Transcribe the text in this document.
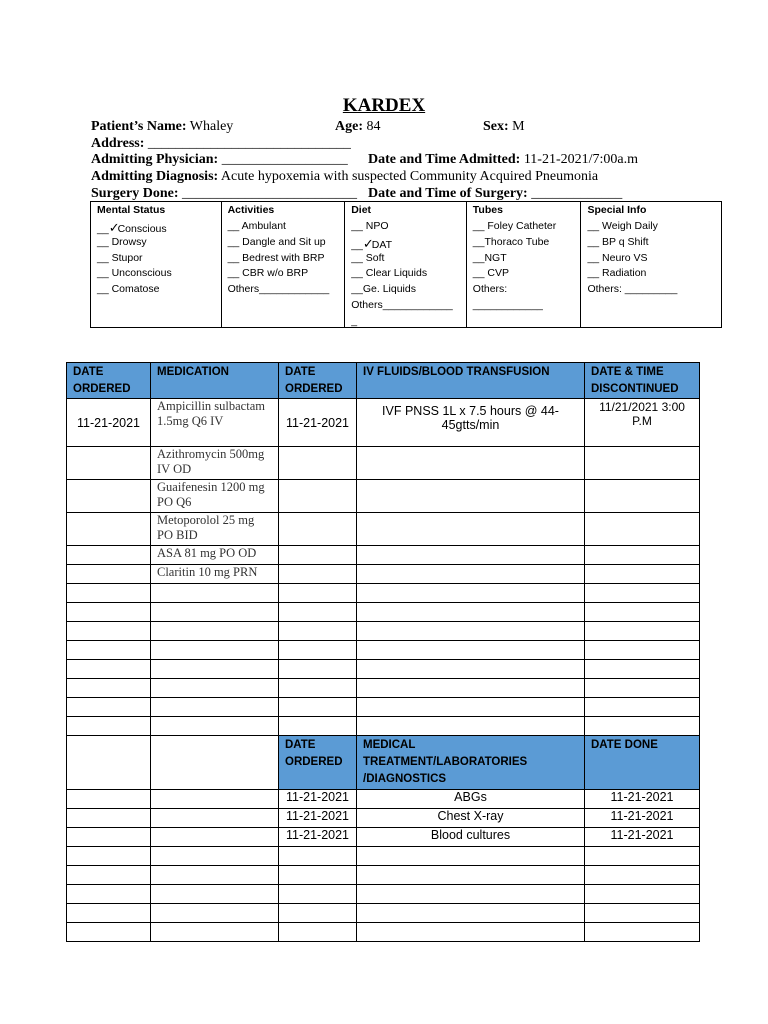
KARDEX
Patient’s Name: Whaley	Age: 84	Sex: M
Address: _____________________________
Admitting Physician: __________________ Date and Time Admitted: 11-21-2021/7:00a.m
Admitting Diagnosis: Acute hypoxemia with suspected Community Acquired Pneumonia
Surgery Done: _________________________ Date and Time of Surgery: _____________
Mental Status
__✓Conscious
__ Drowsy
__ Stupor
__ Unconscious
__ Comatose
Activities
__ Ambulant
__ Dangle and Sit up
__ Bedrest with BRP
__ CBR w/o BRP
Others____________
Diet
__ NPO
__✓DAT
__ Soft
__ Clear Liquids
__Ge. Liquids
Others____________
_
Tubes
__ Foley Catheter
__Thoraco Tube
__NGT
__ CVP
Others:
____________
Special Info
__ Weigh Daily
__ BP q Shift
__ Neuro VS
__ Radiation
Others: _________
DATE ORDERED	MEDICATION	DATE ORDERED	IV FLUIDS/BLOOD TRANSFUSION	DATE & TIME DISCONTINUED
11-21-2021	Ampicillin sulbactam 1.5mg Q6 IV	11-21-2021	IVF PNSS 1L x 7.5 hours @ 44-45gtts/min	11/21/2021 3:00 P.M
	Azithromycin 500mg IV OD			
	Guaifenesin 1200 mg PO Q6			
	Metoporolol 25 mg PO BID			
	ASA 81 mg PO OD			
	Claritin 10 mg PRN			

		DATE ORDERED	MEDICAL TREATMENT/LABORATORIES /DIAGNOSTICS	DATE DONE
		11-21-2021	ABGs	11-21-2021
		11-21-2021	Chest X-ray	11-21-2021
		11-21-2021	Blood cultures	11-21-2021
